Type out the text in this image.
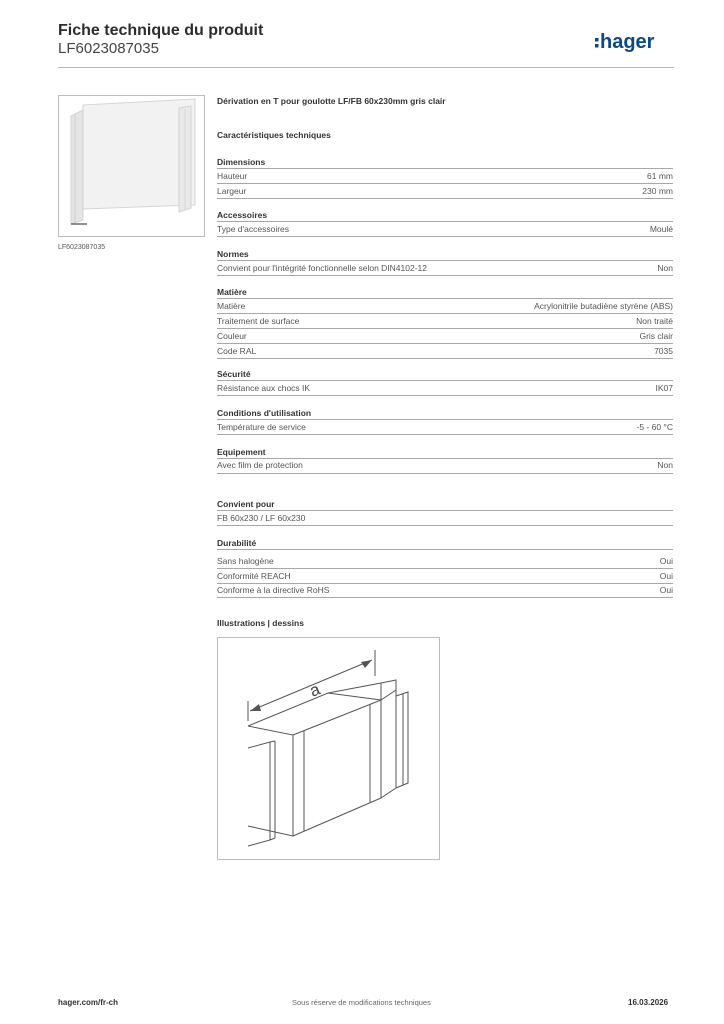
Fiche technique du produit
LF6023087035	hager
LF6023087035
Dérivation en T pour goulotte LF/FB 60x230mm gris clair
Caractéristiques techniques
Dimensions
Hauteur	61 mm
Largeur	230 mm
Accessoires
Type d'accessoires	Moulé
Normes
Convient pour l'intégrité fonctionnelle selon DIN4102-12	Non
Matière
Matière	Acrylonitrile butadiène styrène (ABS)
Traitement de surface	Non traité
Couleur	Gris clair
Code RAL	7035
Sécurité
Résistance aux chocs IK	IK07
Conditions d'utilisation
Température de service	-5 - 60 °C
Equipement
Avec film de protection	Non
Convient pour
FB 60x230 / LF 60x230
Durabilité
Sans halogène	Oui
Conformité REACH	Oui
Conforme à la directive RoHS	Oui
Illustrations | dessins
a
hager.com/fr-ch	Sous réserve de modifications techniques	16.03.2026
